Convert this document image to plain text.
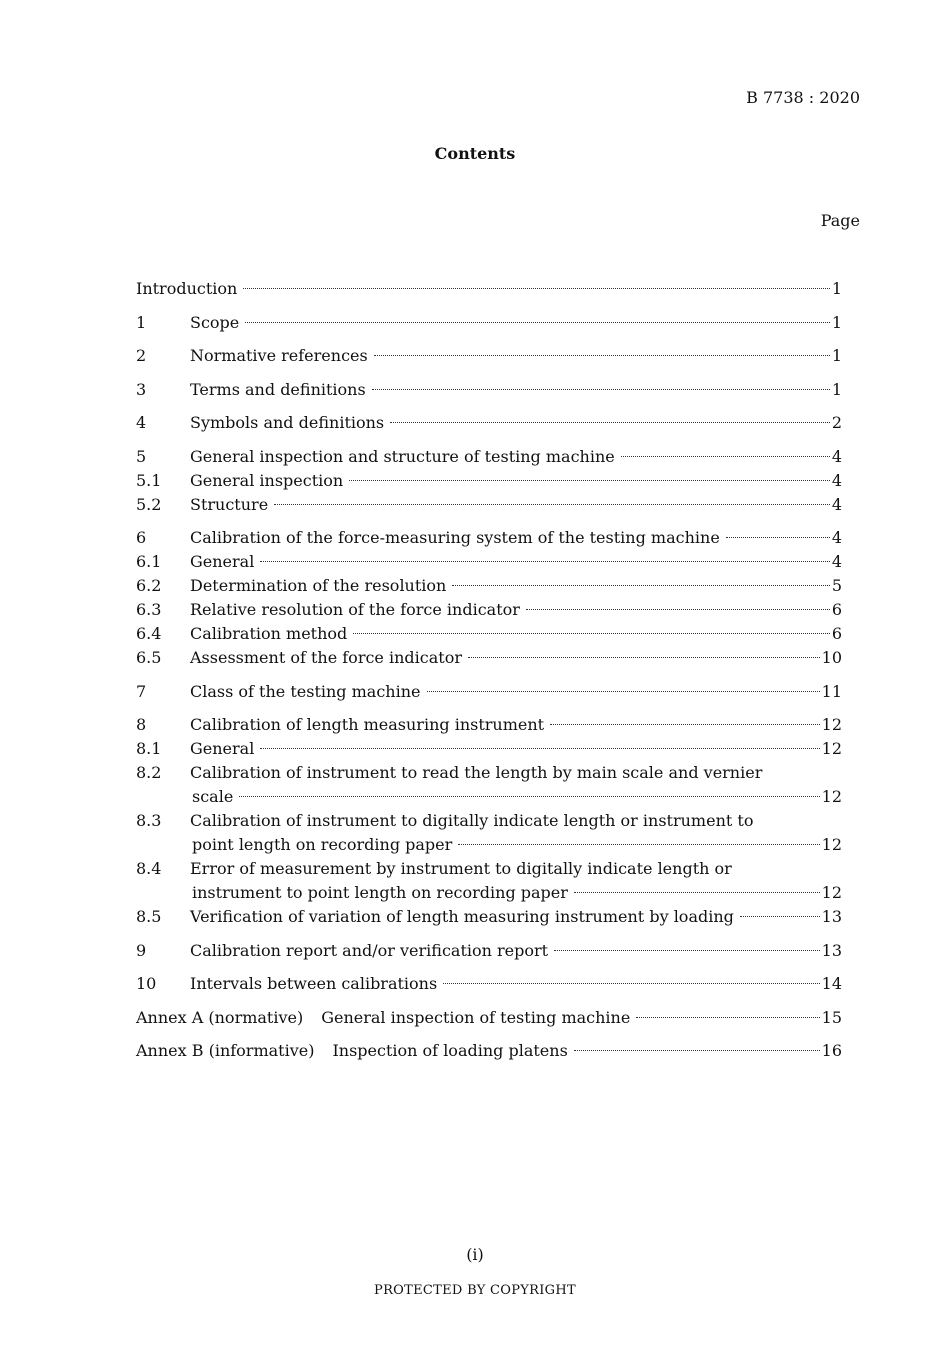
B 7738 : 2020
Contents
Page
Introduction	1
1	Scope	1
2	Normative references	1
3	Terms and definitions	1
4	Symbols and definitions	2
5	General inspection and structure of testing machine	4
5.1	General inspection	4
5.2	Structure	4
6	Calibration of the force-measuring system of the testing machine	4
6.1	General	4
6.2	Determination of the resolution	5
6.3	Relative resolution of the force indicator	6
6.4	Calibration method	6
6.5	Assessment of the force indicator	10
7	Class of the testing machine	11
8	Calibration of length measuring instrument	12
8.1	General	12
8.2	Calibration of instrument to read the length by main scale and vernier
scale	12
8.3	Calibration of instrument to digitally indicate length or instrument to
point length on recording paper	12
8.4	Error of measurement by instrument to digitally indicate length or
instrument to point length on recording paper	12
8.5	Verification of variation of length measuring instrument by loading	13
9	Calibration report and/or verification report	13
10	Intervals between calibrations	14
Annex A (normative) General inspection of testing machine	15
Annex B (informative) Inspection of loading platens	16
(i)
PROTECTED BY COPYRIGHT
